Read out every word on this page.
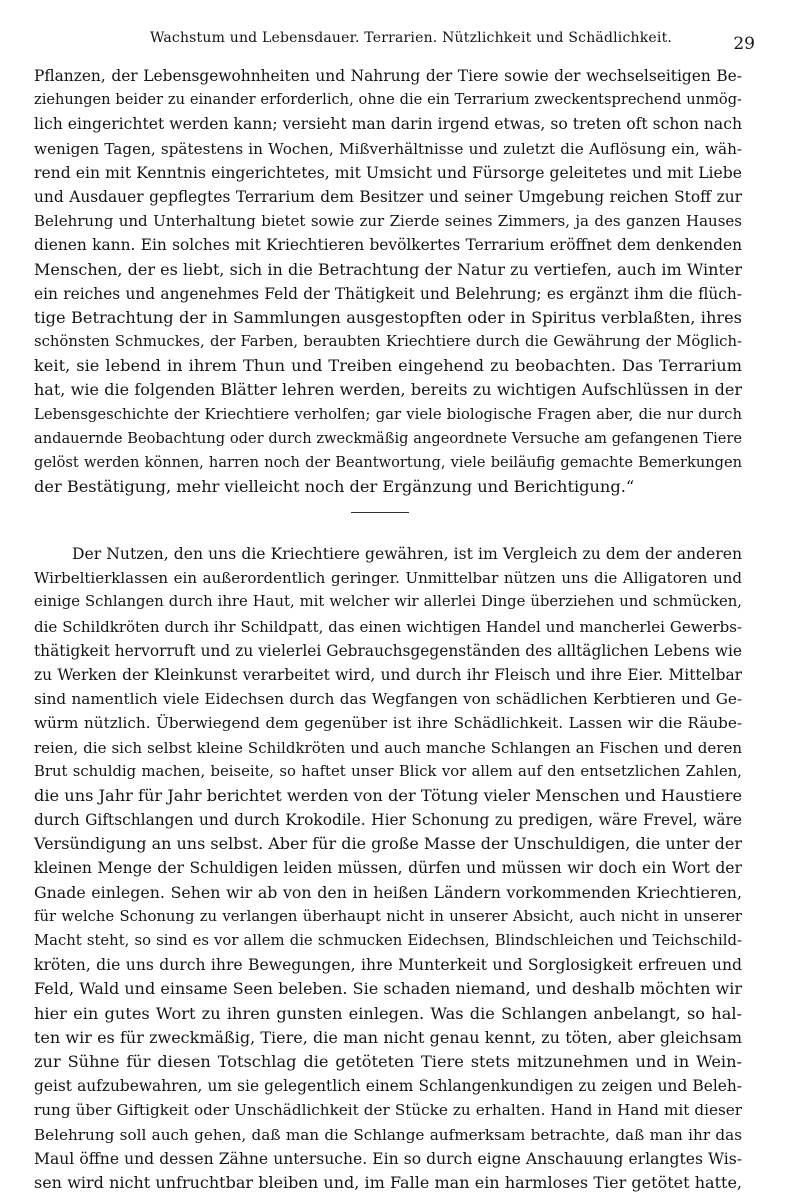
Wachstum und Lebensdauer. Terrarien. Nützlichkeit und Schädlichkeit.	29
Pflanzen, der Lebensgewohnheiten und Nahrung der Tiere sowie der wechselseitigen Be-
ziehungen beider zu einander erforderlich, ohne die ein Terrarium zweckentsprechend unmög-
lich eingerichtet werden kann; versieht man darin irgend etwas, so treten oft schon nach
wenigen Tagen, spätestens in Wochen, Mißverhältnisse und zuletzt die Auflösung ein, wäh-
rend ein mit Kenntnis eingerichtetes, mit Umsicht und Fürsorge geleitetes und mit Liebe
und Ausdauer gepflegtes Terrarium dem Besitzer und seiner Umgebung reichen Stoff zur
Belehrung und Unterhaltung bietet sowie zur Zierde seines Zimmers, ja des ganzen Hauses
dienen kann. Ein solches mit Kriechtieren bevölkertes Terrarium eröffnet dem denkenden
Menschen, der es liebt, sich in die Betrachtung der Natur zu vertiefen, auch im Winter
ein reiches und angenehmes Feld der Thätigkeit und Belehrung; es ergänzt ihm die flüch-
tige Betrachtung der in Sammlungen ausgestopften oder in Spiritus verblaßten, ihres
schönsten Schmuckes, der Farben, beraubten Kriechtiere durch die Gewährung der Möglich-
keit, sie lebend in ihrem Thun und Treiben eingehend zu beobachten. Das Terrarium
hat, wie die folgenden Blätter lehren werden, bereits zu wichtigen Aufschlüssen in der
Lebensgeschichte der Kriechtiere verholfen; gar viele biologische Fragen aber, die nur durch
andauernde Beobachtung oder durch zweckmäßig angeordnete Versuche am gefangenen Tiere
gelöst werden können, harren noch der Beantwortung, viele beiläufig gemachte Bemerkungen
der Bestätigung, mehr vielleicht noch der Ergänzung und Berichtigung.“
Der Nutzen, den uns die Kriechtiere gewähren, ist im Vergleich zu dem der anderen
Wirbeltierklassen ein außerordentlich geringer. Unmittelbar nützen uns die Alligatoren und
einige Schlangen durch ihre Haut, mit welcher wir allerlei Dinge überziehen und schmücken,
die Schildkröten durch ihr Schildpatt, das einen wichtigen Handel und mancherlei Gewerbs-
thätigkeit hervorruft und zu vielerlei Gebrauchsgegenständen des alltäglichen Lebens wie
zu Werken der Kleinkunst verarbeitet wird, und durch ihr Fleisch und ihre Eier. Mittelbar
sind namentlich viele Eidechsen durch das Wegfangen von schädlichen Kerbtieren und Ge-
würm nützlich. Überwiegend dem gegenüber ist ihre Schädlichkeit. Lassen wir die Räube-
reien, die sich selbst kleine Schildkröten und auch manche Schlangen an Fischen und deren
Brut schuldig machen, beiseite, so haftet unser Blick vor allem auf den entsetzlichen Zahlen,
die uns Jahr für Jahr berichtet werden von der Tötung vieler Menschen und Haustiere
durch Giftschlangen und durch Krokodile. Hier Schonung zu predigen, wäre Frevel, wäre
Versündigung an uns selbst. Aber für die große Masse der Unschuldigen, die unter der
kleinen Menge der Schuldigen leiden müssen, dürfen und müssen wir doch ein Wort der
Gnade einlegen. Sehen wir ab von den in heißen Ländern vorkommenden Kriechtieren,
für welche Schonung zu verlangen überhaupt nicht in unserer Absicht, auch nicht in unserer
Macht steht, so sind es vor allem die schmucken Eidechsen, Blindschleichen und Teichschild-
kröten, die uns durch ihre Bewegungen, ihre Munterkeit und Sorglosigkeit erfreuen und
Feld, Wald und einsame Seen beleben. Sie schaden niemand, und deshalb möchten wir
hier ein gutes Wort zu ihren gunsten einlegen. Was die Schlangen anbelangt, so hal-
ten wir es für zweckmäßig, Tiere, die man nicht genau kennt, zu töten, aber gleichsam
zur Sühne für diesen Totschlag die getöteten Tiere stets mitzunehmen und in Wein-
geist aufzubewahren, um sie gelegentlich einem Schlangenkundigen zu zeigen und Beleh-
rung über Giftigkeit oder Unschädlichkeit der Stücke zu erhalten. Hand in Hand mit dieser
Belehrung soll auch gehen, daß man die Schlange aufmerksam betrachte, daß man ihr das
Maul öffne und dessen Zähne untersuche. Ein so durch eigne Anschauung erlangtes Wis-
sen wird nicht unfruchtbar bleiben und, im Falle man ein harmloses Tier getötet hatte,
